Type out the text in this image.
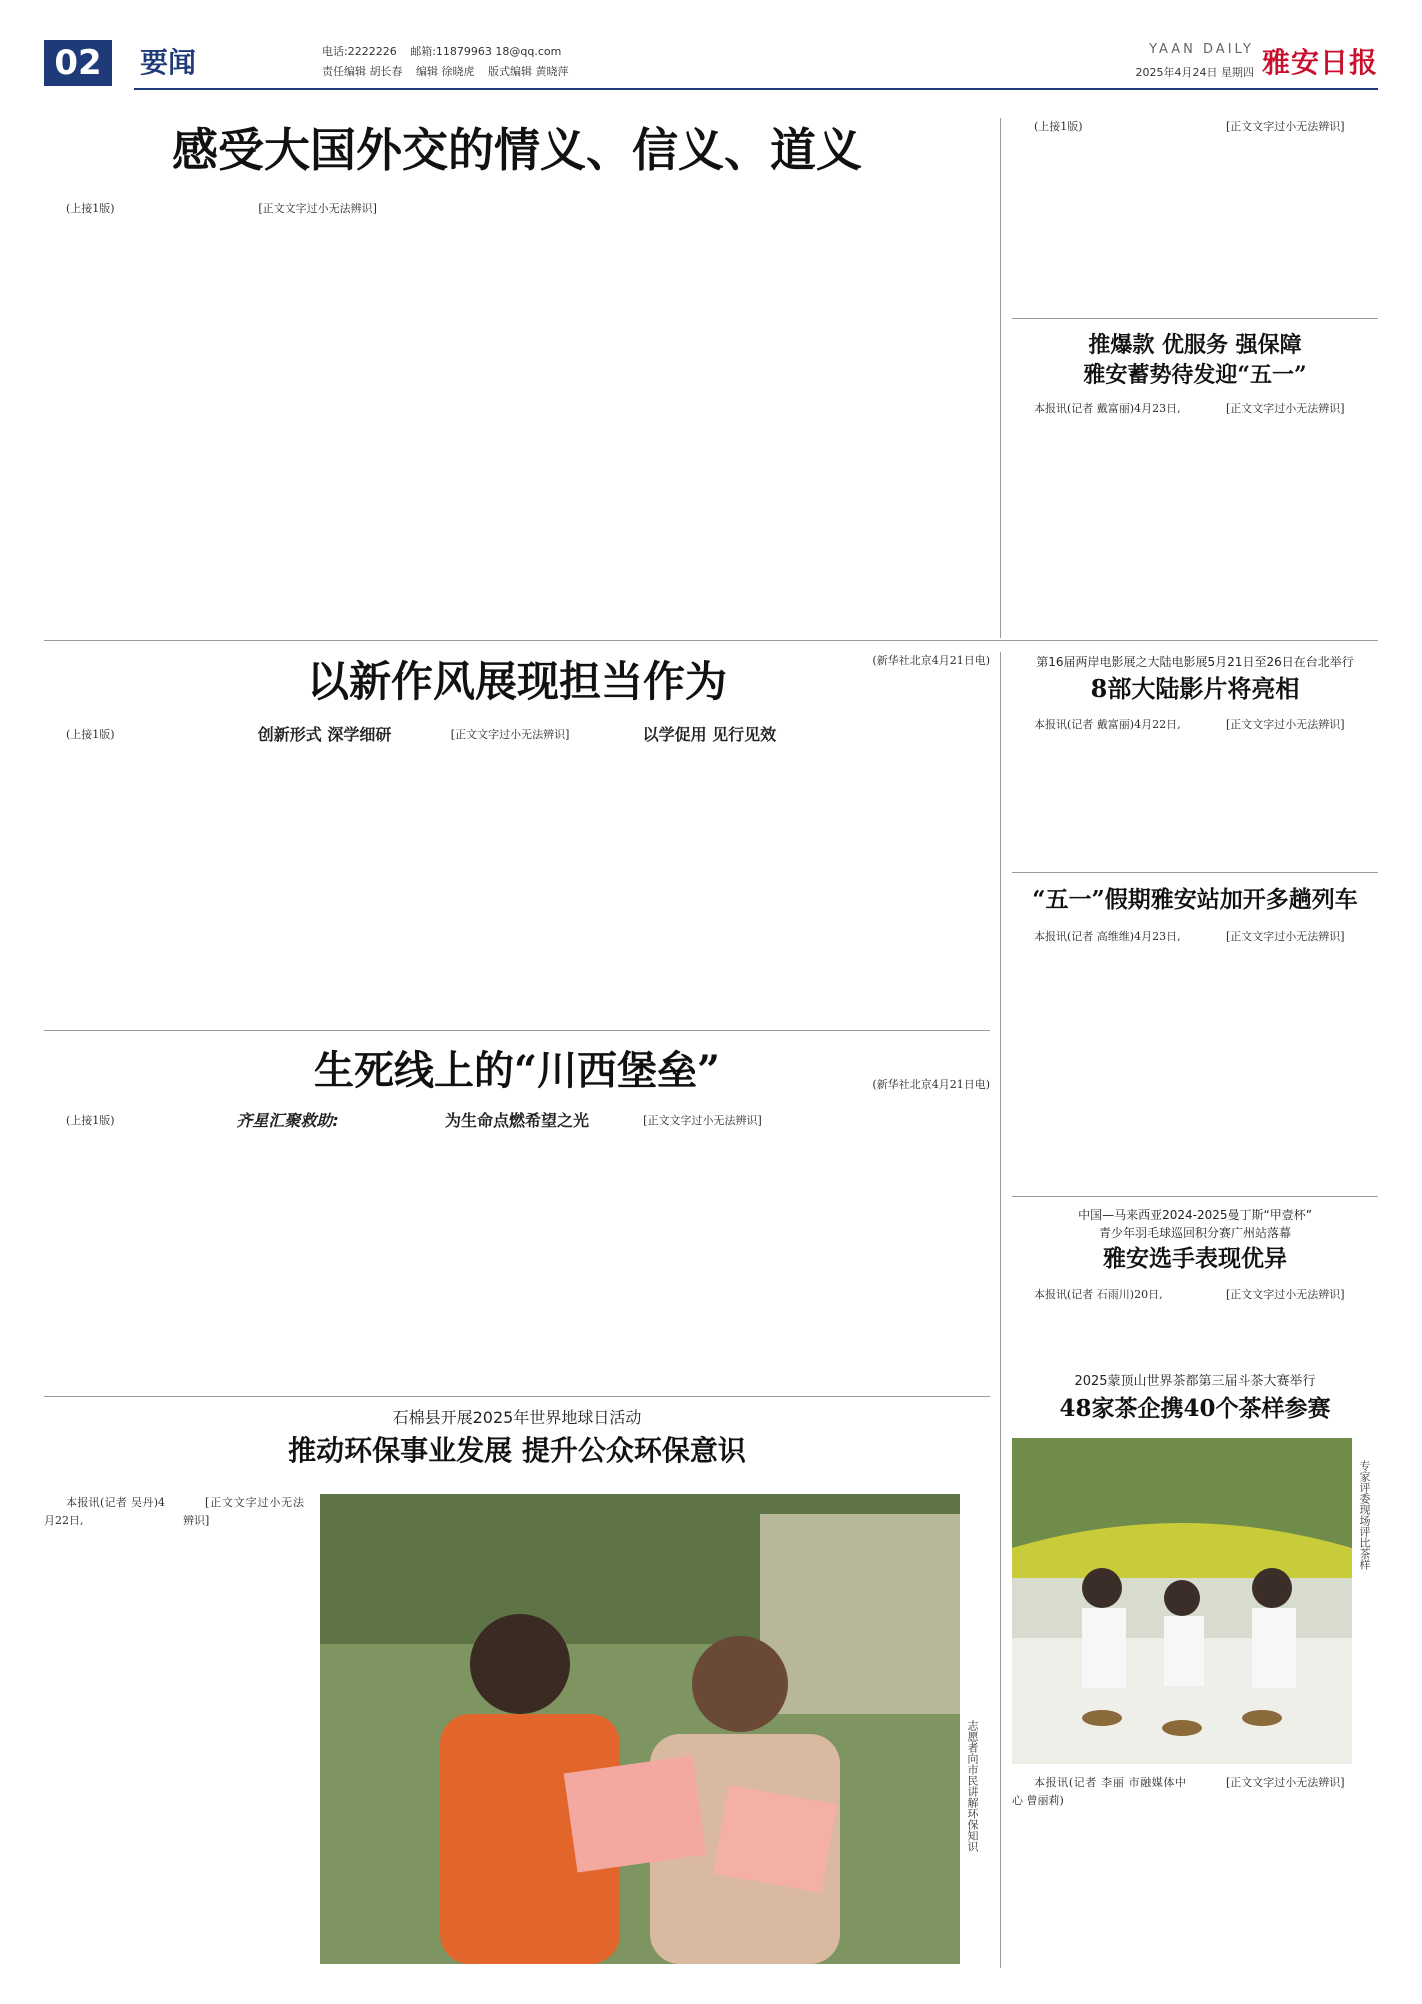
02	要闻	电话:2222226 邮箱:11879963 18@qq.com
责任编辑 胡长春 编辑 徐晓虎 版式编辑 黄晓萍
YAAN DAILY
2025年4月24日 星期四 雅安日报
感受大国外交的情义、信义、道义

(上接1版)	[正文文字过小无法辨识]

(新华社北京4月21日电)

(上接1版)	[正文文字过小无法辨识]

推爆款 优服务 强保障
雅安蓄势待发迎“五一”

本报讯(记者 戴富丽)4月23日,	[正文文字过小无法辨识]

以新作风展现担当作为

(上接1版)	创新形式 深学细研	[正文文字过小无法辨识]	以学促用 见行见效
(新华社北京4月21日电)
第16届两岸电影展之大陆电影展5月21日至26日在台北举行
8部大陆影片将亮相

本报讯(记者 戴富丽)4月22日,	[正文文字过小无法辨识]

“五一”假期雅安站加开多趟列车

本报讯(记者 高维维)4月23日,	[正文文字过小无法辨识]

生死线上的“川西堡垒”

(上接1版)	齐星汇聚救助:	为生命点燃希望之光	[正文文字过小无法辨识]

中国—马来西亚2024-2025曼丁斯“甲壹杯”
青少年羽毛球巡回积分赛广州站落幕
雅安选手表现优异

本报讯(记者 石雨川)20日,	[正文文字过小无法辨识]

石棉县开展2025年世界地球日活动
推动环保事业发展 提升公众环保意识

本报讯(记者 吴丹)4月22日,

[正文文字过小无法辨识]

志愿者向市民讲解环保知识
2025蒙顶山世界茶都第三届斗茶大赛举行
48家茶企携40个茶样参赛
专家评委现场评比茶样

本报讯(记者 李丽 市融媒体中心 曾丽莉)

[正文文字过小无法辨识]
